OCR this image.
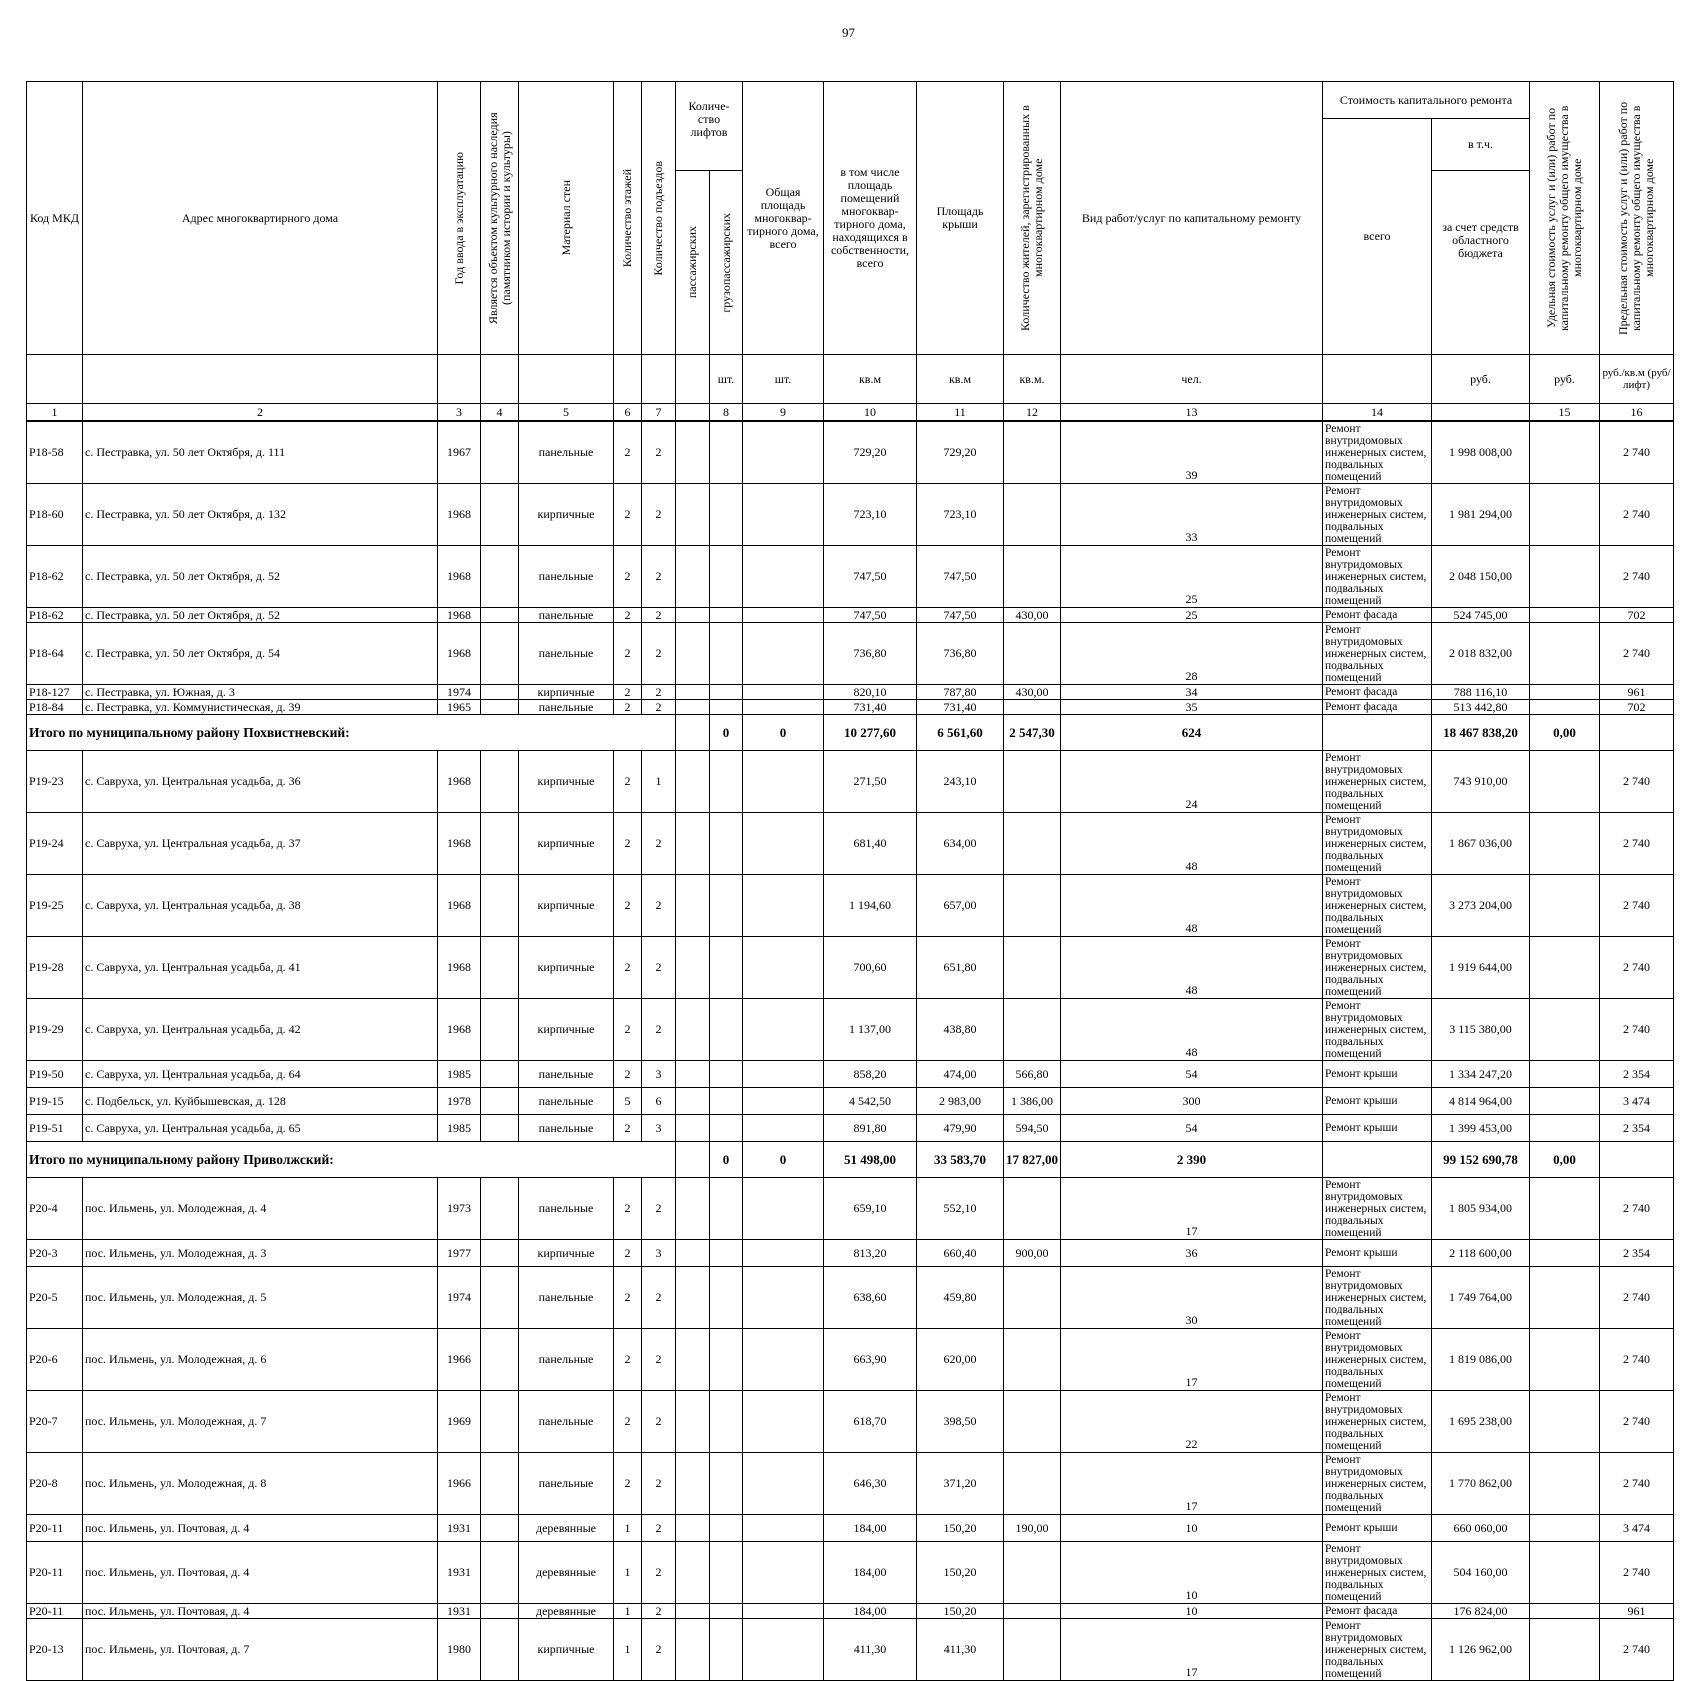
97
Код МКД	Адрес многоквартирного дома	Год ввода в эксплуатацию	Является объектом культурного наследия (памятником истории и культуры)	Материал стен	Количество этажей	Количество подъездов	Количе-ство лифтов		Общая площадь многоквар-тирного дома, всего	в том числе площадь помещений многоквар-тирного дома, находящихся в собственности, всего	Площадь крыши	Количество жителей, зарегистрированных в многоквартирном доме	Вид работ/услуг по капитальному ремонту	Стоимость капитального ремонта		Удельная стоимость услуг и (или) работ по капитальному ремонту общего имущества в многоквартирном доме	Предельная стоимость услуг и (или) работ по капитальному ремонту общего имущества в многоквартирном доме	

														всего	в т.ч.			

							пассажирских	грузопассажирских							за счет средств областного бюджета			
								шт.	шт.	кв.м	кв.м	кв.м.	чел.		руб.	руб.	руб./кв.м (руб/лифт)	
1	2	3	4	5	6	7		8	9	10	11	12	13	14		15	16	
Р18-58	с. Пестравка, ул. 50 лет Октября, д. 111	1967		панельные	2	2				729,20	729,20		39	Ремонт внутридомовых инженерных систем, подвальных помещений	1 998 008,00		2 740	
Р18-60	с. Пестравка, ул. 50 лет Октября, д. 132	1968		кирпичные	2	2				723,10	723,10		33	Ремонт внутридомовых инженерных систем, подвальных помещений	1 981 294,00		2 740	
Р18-62	с. Пестравка, ул. 50 лет Октября, д. 52	1968		панельные	2	2				747,50	747,50		25	Ремонт внутридомовых инженерных систем, подвальных помещений	2 048 150,00		2 740	
Р18-62	с. Пестравка, ул. 50 лет Октября, д. 52	1968		панельные	2	2				747,50	747,50	430,00	25	Ремонт фасада	524 745,00		702	
Р18-64	с. Пестравка, ул. 50 лет Октября, д. 54	1968		панельные	2	2				736,80	736,80		28	Ремонт внутридомовых инженерных систем, подвальных помещений	2 018 832,00		2 740	
Р18-127	с. Пестравка, ул. Южная, д. 3	1974		кирпичные	2	2				820,10	787,80	430,00	34	Ремонт фасада	788 116,10		961	
Р18-84	с. Пестравка, ул. Коммунистическая, д. 39	1965		панельные	2	2				731,40	731,40		35	Ремонт фасада	513 442,80		702	
Итого по муниципальному району Похвистневский:								0	0	10 277,60	6 561,60	2 547,30	624		18 467 838,20	0,00		
Р19-23	с. Савруха, ул. Центральная усадьба, д. 36	1968		кирпичные	2	1				271,50	243,10		24	Ремонт внутридомовых инженерных систем, подвальных помещений	743 910,00		2 740	
Р19-24	с. Савруха, ул. Центральная усадьба, д. 37	1968		кирпичные	2	2				681,40	634,00		48	Ремонт внутридомовых инженерных систем, подвальных помещений	1 867 036,00		2 740	
Р19-25	с. Савруха, ул. Центральная усадьба, д. 38	1968		кирпичные	2	2				1 194,60	657,00		48	Ремонт внутридомовых инженерных систем, подвальных помещений	3 273 204,00		2 740	
Р19-28	с. Савруха, ул. Центральная усадьба, д. 41	1968		кирпичные	2	2				700,60	651,80		48	Ремонт внутридомовых инженерных систем, подвальных помещений	1 919 644,00		2 740	
Р19-29	с. Савруха, ул. Центральная усадьба, д. 42	1968		кирпичные	2	2				1 137,00	438,80		48	Ремонт внутридомовых инженерных систем, подвальных помещений	3 115 380,00		2 740	
Р19-50	с. Савруха, ул. Центральная усадьба, д. 64	1985		панельные	2	3				858,20	474,00	566,80	54	Ремонт крыши	1 334 247,20		2 354	
Р19-15	с. Подбельск, ул. Куйбышевская, д. 128	1978		панельные	5	6				4 542,50	2 983,00	1 386,00	300	Ремонт крыши	4 814 964,00		3 474	
Р19-51	с. Савруха, ул. Центральная усадьба, д. 65	1985		панельные	2	3				891,80	479,90	594,50	54	Ремонт крыши	1 399 453,00		2 354	
Итого по муниципальному району Приволжский:								0	0	51 498,00	33 583,70	17 827,00	2 390		99 152 690,78	0,00		
Р20-4	пос. Ильмень, ул. Молодежная, д. 4	1973		панельные	2	2				659,10	552,10		17	Ремонт внутридомовых инженерных систем, подвальных помещений	1 805 934,00		2 740	
Р20-3	пос. Ильмень, ул. Молодежная, д. 3	1977		кирпичные	2	3				813,20	660,40	900,00	36	Ремонт крыши	2 118 600,00		2 354	
Р20-5	пос. Ильмень, ул. Молодежная, д. 5	1974		панельные	2	2				638,60	459,80		30	Ремонт внутридомовых инженерных систем, подвальных помещений	1 749 764,00		2 740	
Р20-6	пос. Ильмень, ул. Молодежная, д. 6	1966		панельные	2	2				663,90	620,00		17	Ремонт внутридомовых инженерных систем, подвальных помещений	1 819 086,00		2 740	
Р20-7	пос. Ильмень, ул. Молодежная, д. 7	1969		панельные	2	2				618,70	398,50		22	Ремонт внутридомовых инженерных систем, подвальных помещений	1 695 238,00		2 740	
Р20-8	пос. Ильмень, ул. Молодежная, д. 8	1966		панельные	2	2				646,30	371,20		17	Ремонт внутридомовых инженерных систем, подвальных помещений	1 770 862,00		2 740	
Р20-11	пос. Ильмень, ул. Почтовая, д. 4	1931		деревянные	1	2				184,00	150,20	190,00	10	Ремонт крыши	660 060,00		3 474	
Р20-11	пос. Ильмень, ул. Почтовая, д. 4	1931		деревянные	1	2				184,00	150,20		10	Ремонт внутридомовых инженерных систем, подвальных помещений	504 160,00		2 740	
Р20-11	пос. Ильмень, ул. Почтовая, д. 4	1931		деревянные	1	2				184,00	150,20		10	Ремонт фасада	176 824,00		961	
Р20-13	пос. Ильмень, ул. Почтовая, д. 7	1980		кирпичные	1	2				411,30	411,30		17	Ремонт внутридомовых инженерных систем, подвальных помещений	1 126 962,00		2 740	
